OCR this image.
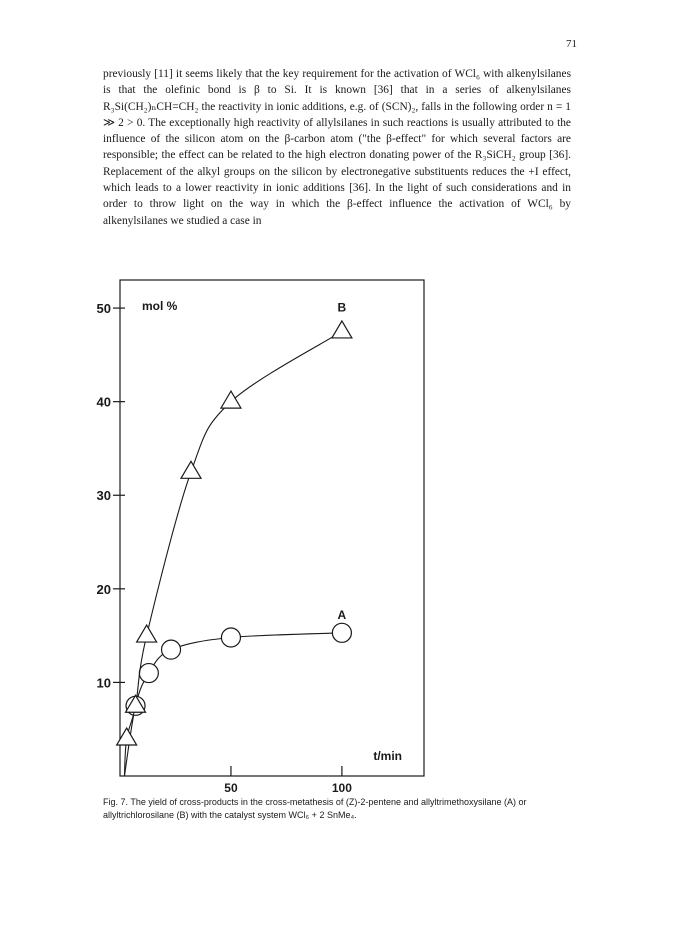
71

previously [11] it seems likely that the key requirement for the activation of WCl₆ with alkenylsilanes is that the olefinic bond is β to Si. It is known [36] that in a series of alkenylsilanes R₃Si(CH₂)ₙCH=CH₂ the reactivity in ionic additions, e.g. of (SCN)₂, falls in the following order n = 1 ≫ 2 > 0. The exceptionally high reactivity of allylsilanes in such reactions is usually attributed to the influence of the silicon atom on the β-carbon atom ("the β-effect" for which several factors are responsible; the effect can be related to the high electron donating power of the R₃SiCH₂ group [36]. Replacement of the alkyl groups on the silicon by electronegative substituents reduces the +I effect, which leads to a lower reactivity in ionic additions [36]. In the light of such considerations and in order to throw light on the way in which the β-effect influence the activation of WCl₆ by alkenylsilanes we studied a case in

10
20
30
40
50
50	100
mol %
t/min
A
B
Fig. 7. The yield of cross-products in the cross-metathesis of (Z)-2-pentene and allyltrimethoxysilane (A) or allyltrichlorosilane (B) with the catalyst system WCl₆ + 2 SnMe₄.
